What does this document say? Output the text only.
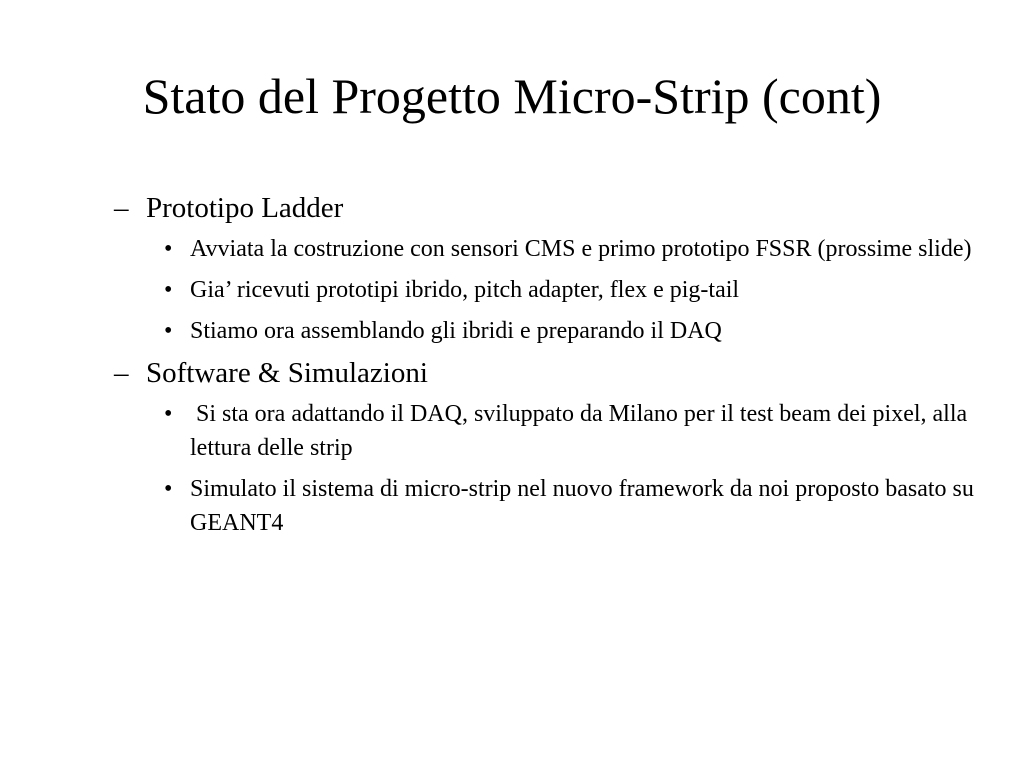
Stato del Progetto Micro-Strip (cont)
– Prototipo Ladder
• Avviata la costruzione con sensori CMS e primo prototipo FSSR (prossime slide)
• Gia’ ricevuti prototipi ibrido, pitch adapter, flex e pig-tail
• Stiamo ora assemblando gli ibridi e preparando il DAQ
– Software & Simulazioni
• Si sta ora adattando il DAQ, sviluppato da Milano per il test beam dei pixel, alla lettura delle strip
• Simulato il sistema di micro-strip nel nuovo framework da noi proposto basato su GEANT4
